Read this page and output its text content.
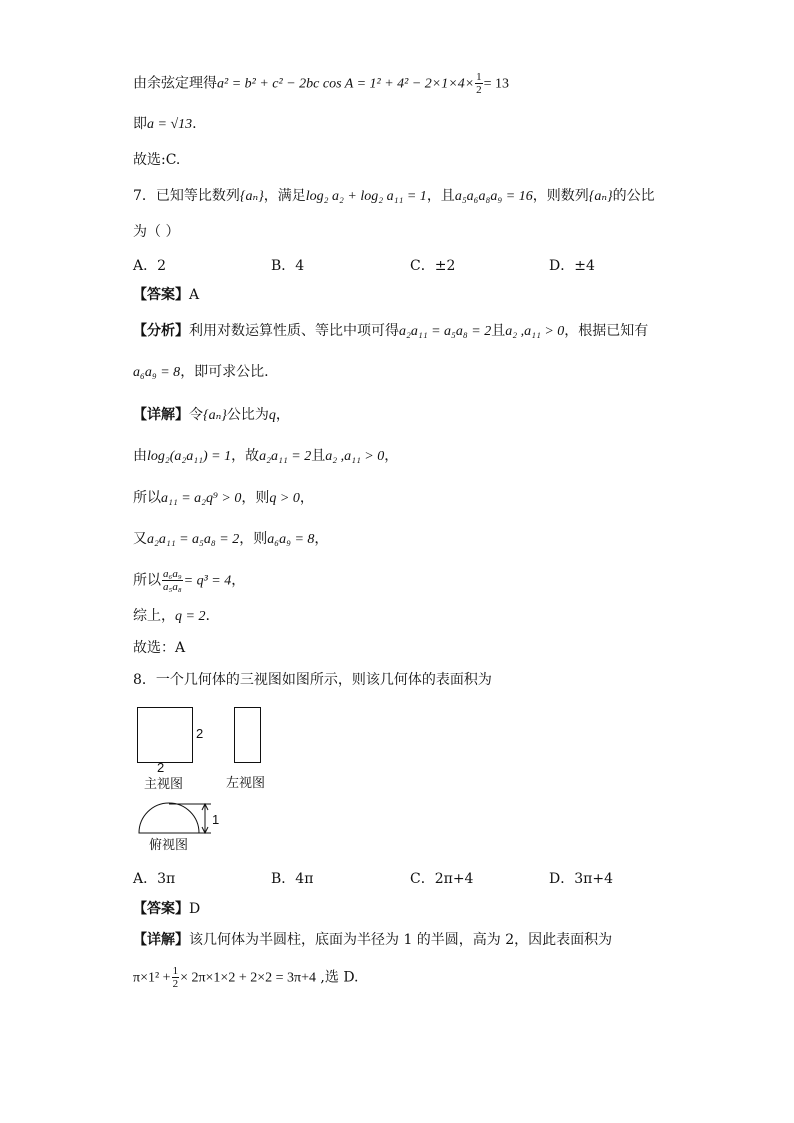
由余弦定理得a² = b² + c² − 2bc $\cos A = 1^2 + 4^2 - 2\times 1\times 4\times \frac{1}{2} = 13$
即a = √13.
故选:C.
7．已知等比数列{aₙ}，满足log₂ a₂ + log₂ a₁₁ = 1，且a₅a₆a₈a₉ = 16，则数列{aₙ}的公比
为（ ）
A．2	B．4	C．±2	D．±4
【答案】A
【分析】利用对数运算性质、等比中项可得a₂a₁₁ = a₅a₈ = 2且a₂ ,a₁₁ > 0，根据已知有
a₆a₉ = 8，即可求公比.
【详解】令{aₙ}公比为q，
由log₂(a₂a₁₁) = 1，故a₂a₁₁ = 2且a₂ ,a₁₁ > 0，
所以a₁₁ = a₂q⁹ > 0，则q > 0，
又a₂a₁₁ = a₅a₈ = 2，则a₆a₉ = 8，
所以 $\frac{\text{a₆a₉}}{\text{a₅a₈}} = q^3 = 4$，
综上，q = 2.
故选：A
8．一个几何体的三视图如图所示，则该几何体的表面积为
2
2
主视图	左视图
1
俯视图
A．3π	B．4π	C．2π+4	D．3π+4
【答案】D
【详解】该几何体为半圆柱，底面为半径为 1 的半圆，高为 2，因此表面积为
$\pi\times 1^2 + \frac{1}{2} \times 2\pi\times 1\times 2 + 2\times 2 = 3\pi+4$ ,选 D.
